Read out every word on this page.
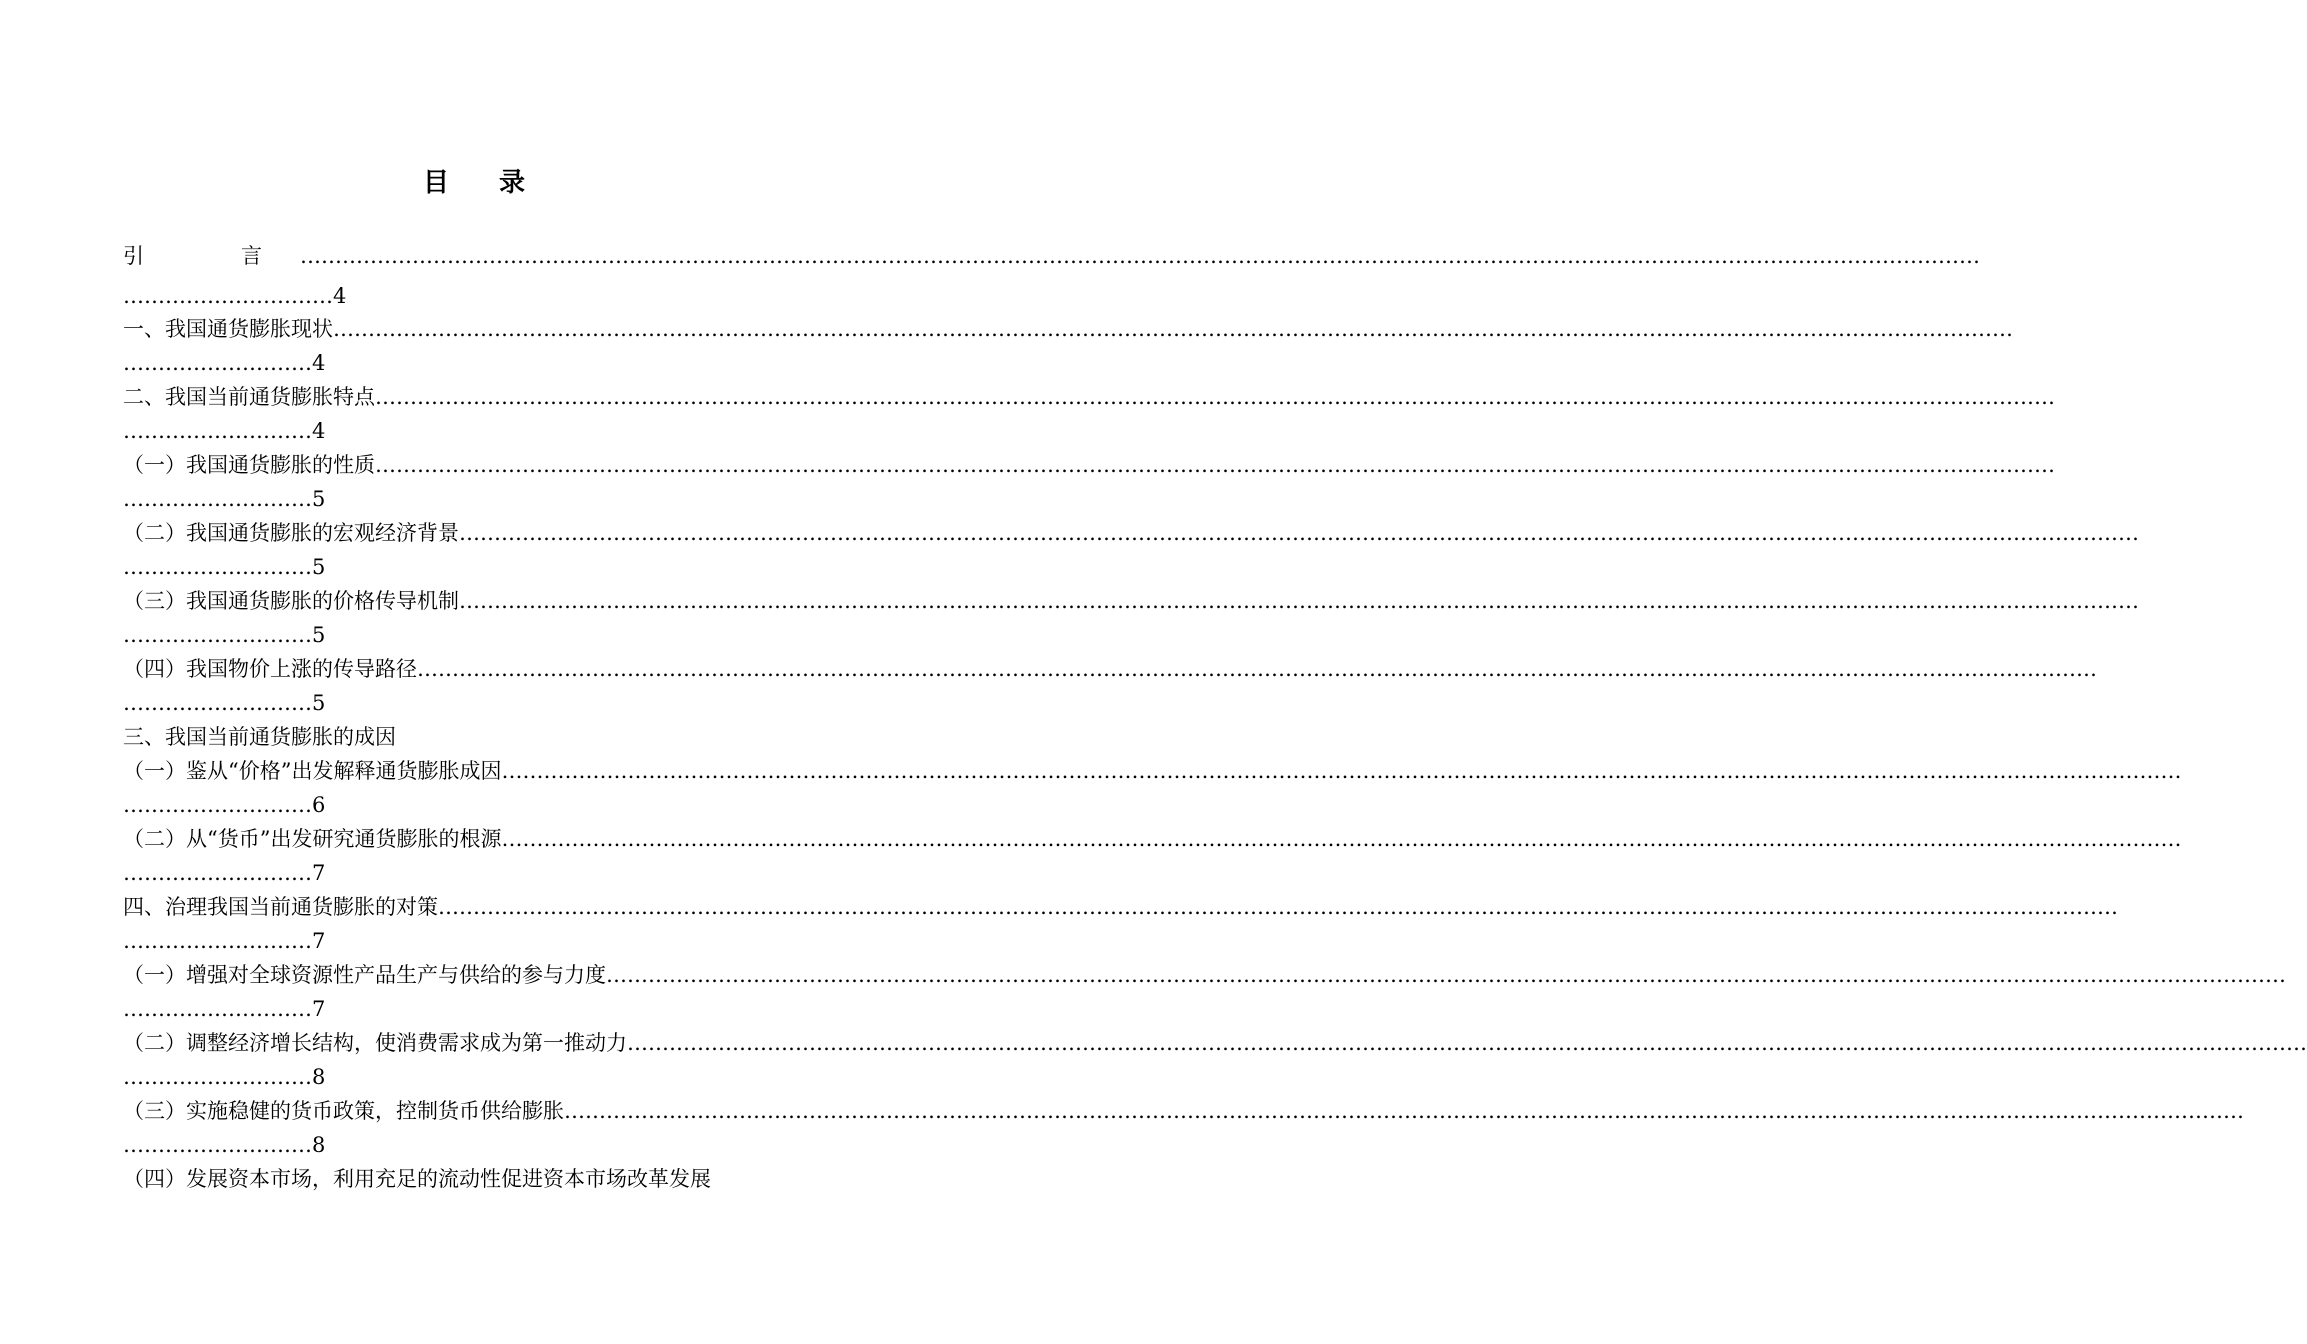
目 录
引　言……………………………………………………………………………………………………………………………………………………………………………………………………………………
…………………………4
一、我国通货膨胀现状……………………………………………………………………………………………………………………………………………………………………………………………………………………
………………………4
二、我国当前通货膨胀特点……………………………………………………………………………………………………………………………………………………………………………………………………………………
………………………4
（一）我国通货膨胀的性质……………………………………………………………………………………………………………………………………………………………………………………………………………………
………………………5
（二）我国通货膨胀的宏观经济背景……………………………………………………………………………………………………………………………………………………………………………………………………………………
………………………5
（三）我国通货膨胀的价格传导机制……………………………………………………………………………………………………………………………………………………………………………………………………………………
………………………5
（四）我国物价上涨的传导路径……………………………………………………………………………………………………………………………………………………………………………………………………………………
………………………5
三、我国当前通货膨胀的成因
（一）鉴从“价格”出发解释通货膨胀成因……………………………………………………………………………………………………………………………………………………………………………………………………………………
………………………6
（二）从“货币”出发研究通货膨胀的根源……………………………………………………………………………………………………………………………………………………………………………………………………………………
………………………7
四、治理我国当前通货膨胀的对策……………………………………………………………………………………………………………………………………………………………………………………………………………………
………………………7
（一）增强对全球资源性产品生产与供给的参与力度……………………………………………………………………………………………………………………………………………………………………………………………………………………
………………………7
（二）调整经济增长结构，使消费需求成为第一推动力……………………………………………………………………………………………………………………………………………………………………………………………………………………
………………………8
（三）实施稳健的货币政策，控制货币供给膨胀……………………………………………………………………………………………………………………………………………………………………………………………………………………
………………………8
（四）发展资本市场，利用充足的流动性促进资本市场改革发展
